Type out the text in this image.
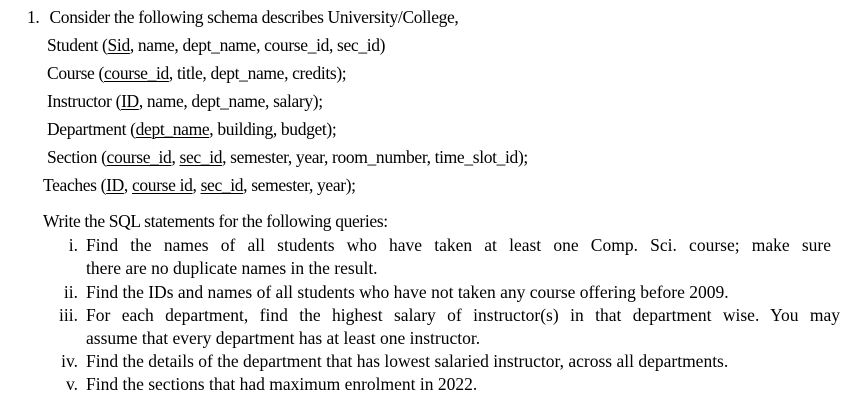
1. Consider the following schema describes University/College,
Student (Sid, name, dept_name, course_id, sec_id)
Course (course_id, title, dept_name, credits);
Instructor (ID, name, dept_name, salary);
Department (dept_name, building, budget);
Section (course_id, sec_id, semester, year, room_number, time_slot_id);
Teaches (ID, course id, sec_id, semester, year);
Write the SQL statements for the following queries:
i. Find the names of all students who have taken at least one Comp. Sci. course; make sure
there are no duplicate names in the result.
ii. Find the IDs and names of all students who have not taken any course offering before 2009.
iii. For each department, find the highest salary of instructor(s) in that department wise. You may
assume that every department has at least one instructor.
iv. Find the details of the department that has lowest salaried instructor, across all departments.
v. Find the sections that had maximum enrolment in 2022.
